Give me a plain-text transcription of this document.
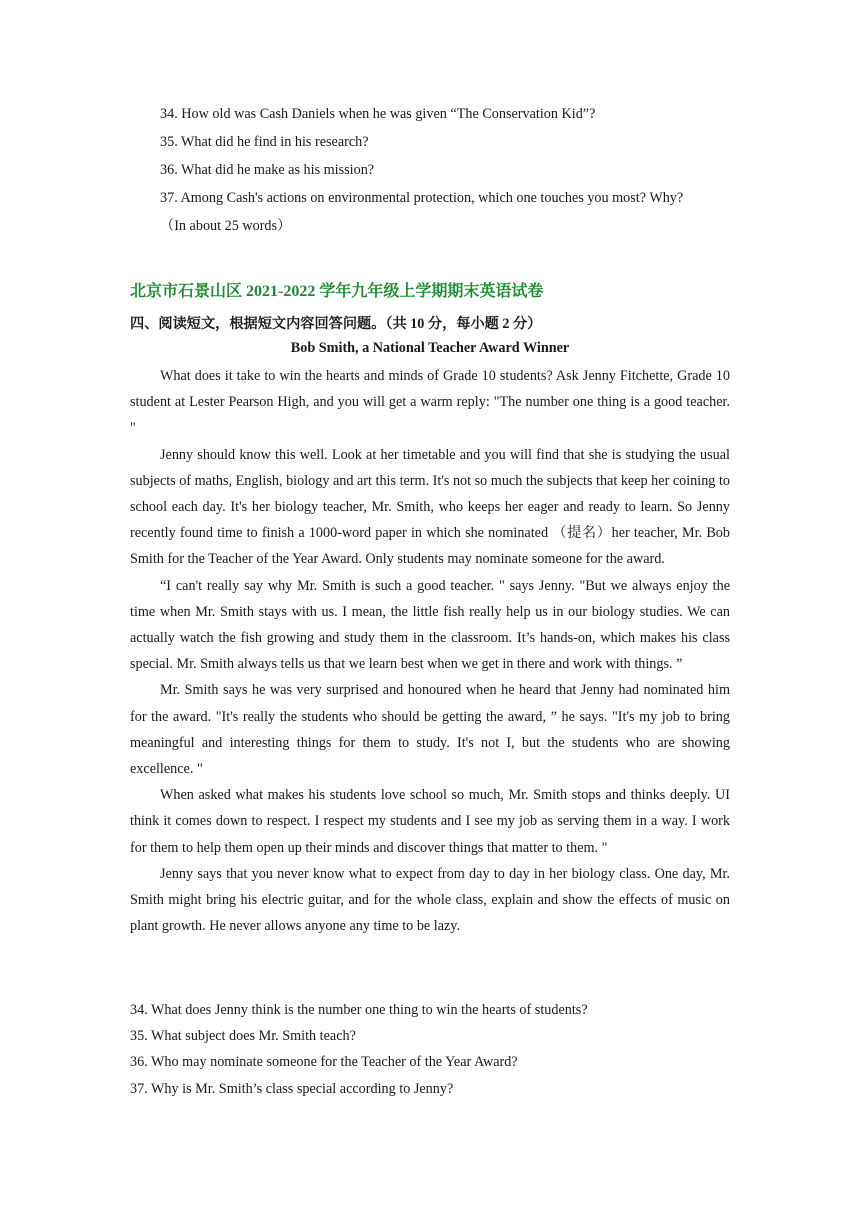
34. How old was Cash Daniels when he was given “The Conservation Kid”?

35. What did he find in his research?

36. What did he make as his mission?

37. Among Cash's actions on environmental protection, which one touches you most? Why?

（In about 25 words）

北京市石景山区 2021-2022 学年九年级上学期期末英语试卷

四、阅读短文，根据短文内容回答问题。（共 10 分，每小题 2 分）

Bob Smith, a National Teacher Award Winner

What does it take to win the hearts and minds of Grade 10 students? Ask Jenny Fitchette, Grade 10 student at Lester Pearson High, and you will get a warm reply: "The number one thing is a good teacher. "

Jenny should know this well. Look at her timetable and you will find that she is studying the usual subjects of maths, English, biology and art this term. It's not so much the subjects that keep her coining to school each day. It's her biology teacher, Mr. Smith, who keeps her eager and ready to learn. So Jenny recently found time to finish a 1000-word paper in which she nominated （提名）her teacher, Mr. Bob Smith for the Teacher of the Year Award. Only students may nominate someone for the award.

“I can't really say why Mr. Smith is such a good teacher. " says Jenny. "But we always enjoy the time when Mr. Smith stays with us. I mean, the little fish really help us in our biology studies. We can actually watch the fish growing and study them in the classroom. It’s hands-on, which makes his class special. Mr. Smith always tells us that we learn best when we get in there and work with things. ”

Mr. Smith says he was very surprised and honoured when he heard that Jenny had nominated him for the award. "It's really the students who should be getting the award, ” he says. "It's my job to bring meaningful and interesting things for them to study. It's not I, but the students who are showing excellence. "

When asked what makes his students love school so much, Mr. Smith stops and thinks deeply. UI think it comes down to respect. I respect my students and I see my job as serving them in a way. I work for them to help them open up their minds and discover things that matter to them. "

Jenny says that you never know what to expect from day to day in her biology class. One day, Mr. Smith might bring his electric guitar, and for the whole class, explain and show the effects of music on plant growth. He never allows anyone any time to be lazy.

34. What does Jenny think is the number one thing to win the hearts of students?

35. What subject does Mr. Smith teach?

36. Who may nominate someone for the Teacher of the Year Award?

37. Why is Mr. Smith’s class special according to Jenny?
